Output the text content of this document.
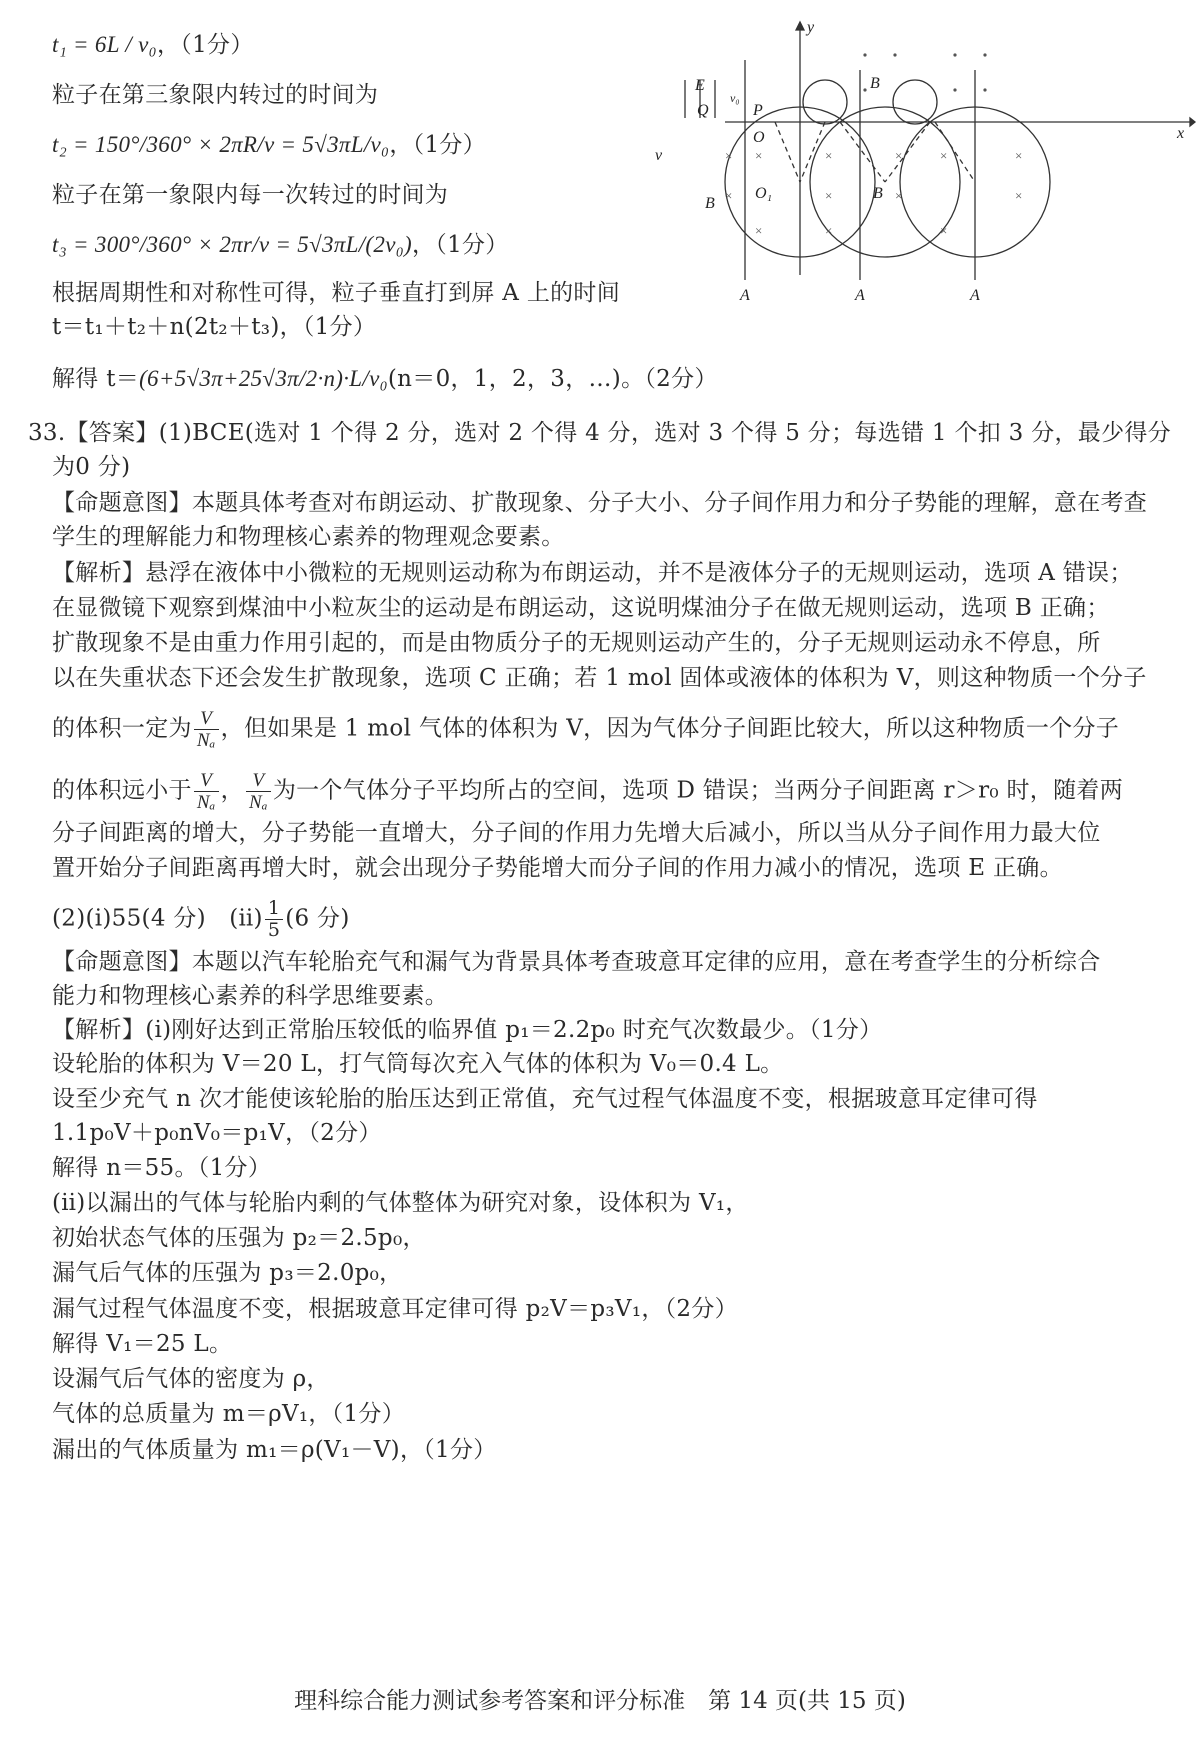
t₁ = 6L / v₀，（1分）
粒子在第三象限内转过的时间为
t₂ = 150°/360° × 2πR/v = 5√3πL/v₀，（1分）
粒子在第一象限内每一次转过的时间为
t₃ = 300°/360° × 2πr/v = 5√3πL/(2v₀)，（1分）
根据周期性和对称性可得，粒子垂直打到屏 A 上的时间
t＝t₁＋t₂＋n(2t₂＋t₃)，（1分）
解得 t＝(6+5√3π+25√3π/2·n)·L/v₀(n＝0，1，2，3，…)。（2分）
× ×	×	×	×	×
×	×	×	×
×	×	×
y
x
E
Q
v₀
P
O
O₁
B
B
B
v
A	A	A
33.【答案】(1)BCE(选对 1 个得 2 分，选对 2 个得 4 分，选对 3 个得 5 分；每选错 1 个扣 3 分，最少得分
为0 分)
【命题意图】本题具体考查对布朗运动、扩散现象、分子大小、分子间作用力和分子势能的理解，意在考查
学生的理解能力和物理核心素养的物理观念要素。
【解析】悬浮在液体中小微粒的无规则运动称为布朗运动，并不是液体分子的无规则运动，选项 A 错误；
在显微镜下观察到煤油中小粒灰尘的运动是布朗运动，这说明煤油分子在做无规则运动，选项 B 正确；
扩散现象不是由重力作用引起的，而是由物质分子的无规则运动产生的，分子无规则运动永不停息，所
以在失重状态下还会发生扩散现象，选项 C 正确；若 1 mol 固体或液体的体积为 V，则这种物质一个分子
的体积一定为 $\frac{V}{\text{Nₐ}}$ ，但如果是 1 mol 气体的体积为 V，因为气体分子间距比较大，所以这种物质一个分子
的体积远小于 $\frac{V}{\text{Nₐ}}$ ， $\frac{V}{\text{Nₐ}}$ 为一个气体分子平均所占的空间，选项 D 错误；当两分子间距离 r＞r₀ 时，随着两
分子间距离的增大，分子势能一直增大，分子间的作用力先增大后减小，所以当从分子间作用力最大位
置开始分子间距离再增大时，就会出现分子势能增大而分子间的作用力减小的情况，选项 E 正确。
(2)(ⅰ)55(4 分)　(ⅱ) $\frac{1}{5} (6$ 分)
【命题意图】本题以汽车轮胎充气和漏气为背景具体考查玻意耳定律的应用，意在考查学生的分析综合
能力和物理核心素养的科学思维要素。
【解析】(ⅰ)刚好达到正常胎压较低的临界值 p₁＝2.2p₀ 时充气次数最少。（1分）
设轮胎的体积为 V＝20 L，打气筒每次充入气体的体积为 V₀＝0.4 L。
设至少充气 n 次才能使该轮胎的胎压达到正常值，充气过程气体温度不变，根据玻意耳定律可得
1.1p₀V＋p₀nV₀＝p₁V，（2分）
解得 n＝55。（1分）
(ⅱ)以漏出的气体与轮胎内剩的气体整体为研究对象，设体积为 V₁，
初始状态气体的压强为 p₂＝2.5p₀，
漏气后气体的压强为 p₃＝2.0p₀，
漏气过程气体温度不变，根据玻意耳定律可得 p₂V＝p₃V₁，（2分）
解得 V₁＝25 L。
设漏气后气体的密度为 ρ，
气体的总质量为 m＝ρV₁，（1分）
漏出的气体质量为 m₁＝ρ(V₁－V)，（1分）
理科综合能力测试参考答案和评分标准　第 14 页(共 15 页)
